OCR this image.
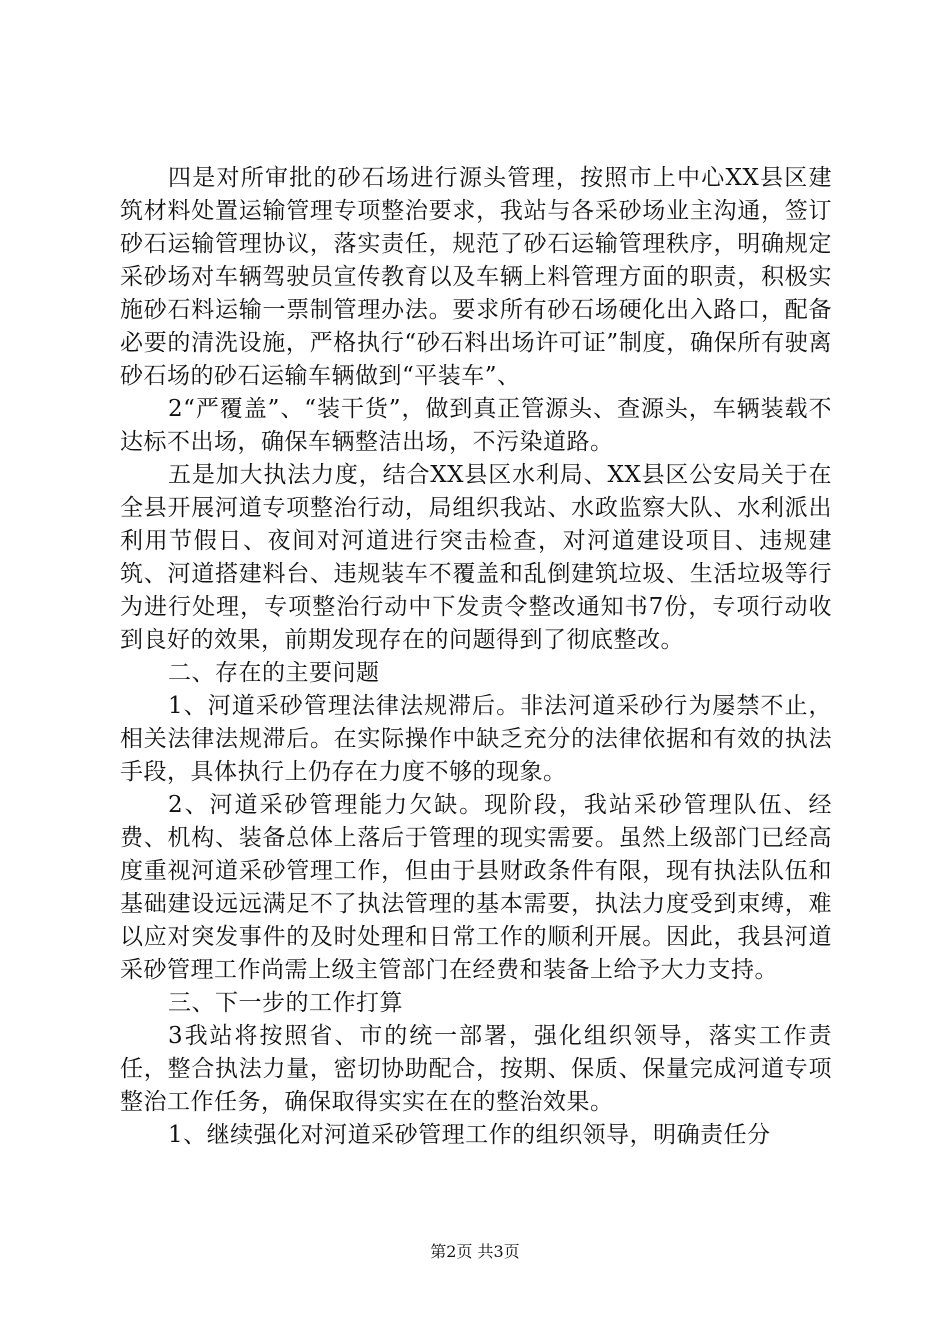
四是对所审批的砂石场进行源头管理，按照市上中心XX县区建筑材料处置运输管理专项整治要求，我站与各采砂场业主沟通，签订砂石运输管理协议，落实责任，规范了砂石运输管理秩序，明确规定采砂场对车辆驾驶员宣传教育以及车辆上料管理方面的职责，积极实施砂石料运输一票制管理办法。要求所有砂石场硬化出入路口，配备必要的清洗设施，严格执行“砂石料出场许可证”制度，确保所有驶离砂石场的砂石运输车辆做到“平装车”、

2“严覆盖”、“装干货”，做到真正管源头、查源头，车辆装载不达标不出场，确保车辆整洁出场，不污染道路。

五是加大执法力度，结合XX县区水利局、XX县区公安局关于在全县开展河道专项整治行动，局组织我站、水政监察大队、水利派出利用节假日、夜间对河道进行突击检查，对河道建设项目、违规建筑、河道搭建料台、违规装车不覆盖和乱倒建筑垃圾、生活垃圾等行为进行处理，专项整治行动中下发责令整改通知书7份，专项行动收到良好的效果，前期发现存在的问题得到了彻底整改。

二、存在的主要问题

1、河道采砂管理法律法规滞后。非法河道采砂行为屡禁不止，相关法律法规滞后。在实际操作中缺乏充分的法律依据和有效的执法手段，具体执行上仍存在力度不够的现象。

2、河道采砂管理能力欠缺。现阶段，我站采砂管理队伍、经费、机构、装备总体上落后于管理的现实需要。虽然上级部门已经高度重视河道采砂管理工作，但由于县财政条件有限，现有执法队伍和基础建设远远满足不了执法管理的基本需要，执法力度受到束缚，难以应对突发事件的及时处理和日常工作的顺利开展。因此，我县河道采砂管理工作尚需上级主管部门在经费和装备上给予大力支持。

三、下一步的工作打算

3我站将按照省、市的统一部署，强化组织领导，落实工作责任，整合执法力量，密切协助配合，按期、保质、保量完成河道专项整治工作任务，确保取得实实在在的整治效果。

1、继续强化对河道采砂管理工作的组织领导，明确责任分

第2页 共3页
